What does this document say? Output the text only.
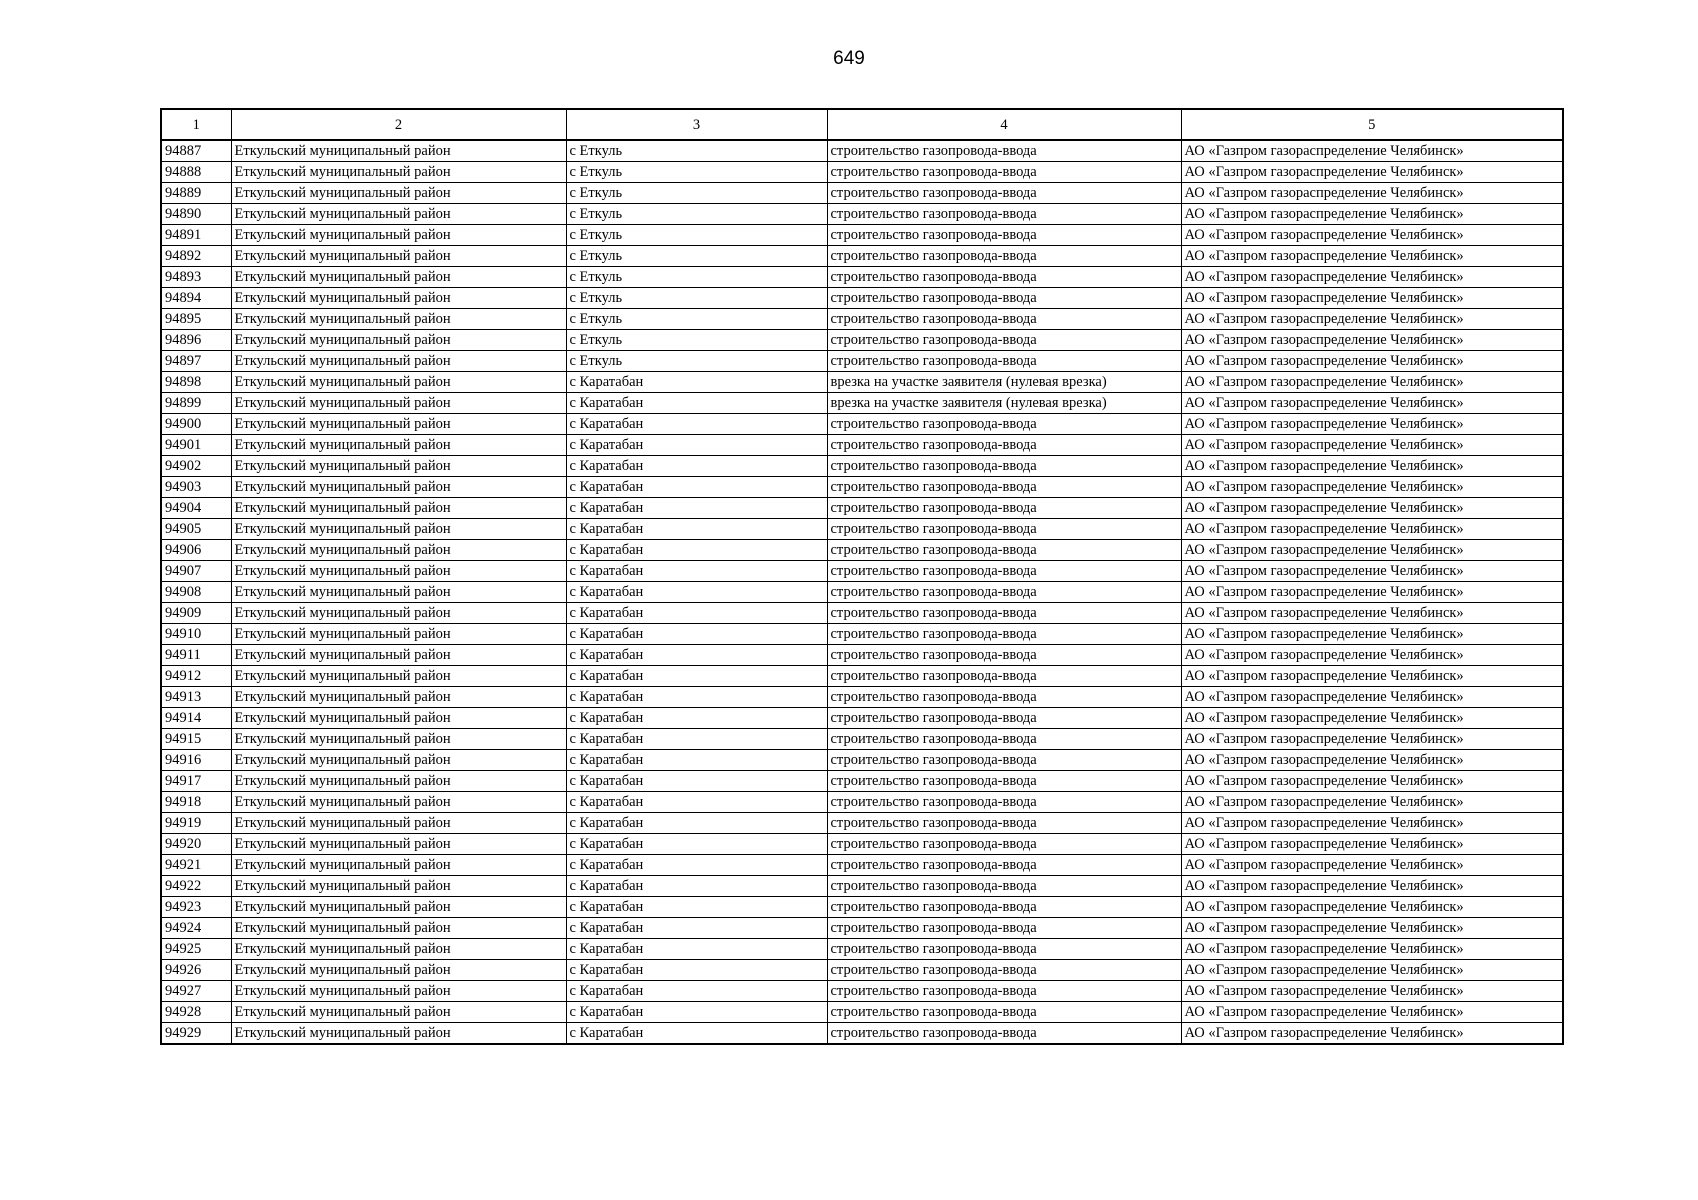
649
1	2	3	4	5
94887	Еткульский муниципальный район	с Еткуль	строительство газопровода-ввода	АО «Газпром газораспределение Челябинск»
94888	Еткульский муниципальный район	с Еткуль	строительство газопровода-ввода	АО «Газпром газораспределение Челябинск»
94889	Еткульский муниципальный район	с Еткуль	строительство газопровода-ввода	АО «Газпром газораспределение Челябинск»
94890	Еткульский муниципальный район	с Еткуль	строительство газопровода-ввода	АО «Газпром газораспределение Челябинск»
94891	Еткульский муниципальный район	с Еткуль	строительство газопровода-ввода	АО «Газпром газораспределение Челябинск»
94892	Еткульский муниципальный район	с Еткуль	строительство газопровода-ввода	АО «Газпром газораспределение Челябинск»
94893	Еткульский муниципальный район	с Еткуль	строительство газопровода-ввода	АО «Газпром газораспределение Челябинск»
94894	Еткульский муниципальный район	с Еткуль	строительство газопровода-ввода	АО «Газпром газораспределение Челябинск»
94895	Еткульский муниципальный район	с Еткуль	строительство газопровода-ввода	АО «Газпром газораспределение Челябинск»
94896	Еткульский муниципальный район	с Еткуль	строительство газопровода-ввода	АО «Газпром газораспределение Челябинск»
94897	Еткульский муниципальный район	с Еткуль	строительство газопровода-ввода	АО «Газпром газораспределение Челябинск»
94898	Еткульский муниципальный район	с Каратабан	врезка на участке заявителя (нулевая врезка)	АО «Газпром газораспределение Челябинск»
94899	Еткульский муниципальный район	с Каратабан	врезка на участке заявителя (нулевая врезка)	АО «Газпром газораспределение Челябинск»
94900	Еткульский муниципальный район	с Каратабан	строительство газопровода-ввода	АО «Газпром газораспределение Челябинск»
94901	Еткульский муниципальный район	с Каратабан	строительство газопровода-ввода	АО «Газпром газораспределение Челябинск»
94902	Еткульский муниципальный район	с Каратабан	строительство газопровода-ввода	АО «Газпром газораспределение Челябинск»
94903	Еткульский муниципальный район	с Каратабан	строительство газопровода-ввода	АО «Газпром газораспределение Челябинск»
94904	Еткульский муниципальный район	с Каратабан	строительство газопровода-ввода	АО «Газпром газораспределение Челябинск»
94905	Еткульский муниципальный район	с Каратабан	строительство газопровода-ввода	АО «Газпром газораспределение Челябинск»
94906	Еткульский муниципальный район	с Каратабан	строительство газопровода-ввода	АО «Газпром газораспределение Челябинск»
94907	Еткульский муниципальный район	с Каратабан	строительство газопровода-ввода	АО «Газпром газораспределение Челябинск»
94908	Еткульский муниципальный район	с Каратабан	строительство газопровода-ввода	АО «Газпром газораспределение Челябинск»
94909	Еткульский муниципальный район	с Каратабан	строительство газопровода-ввода	АО «Газпром газораспределение Челябинск»
94910	Еткульский муниципальный район	с Каратабан	строительство газопровода-ввода	АО «Газпром газораспределение Челябинск»
94911	Еткульский муниципальный район	с Каратабан	строительство газопровода-ввода	АО «Газпром газораспределение Челябинск»
94912	Еткульский муниципальный район	с Каратабан	строительство газопровода-ввода	АО «Газпром газораспределение Челябинск»
94913	Еткульский муниципальный район	с Каратабан	строительство газопровода-ввода	АО «Газпром газораспределение Челябинск»
94914	Еткульский муниципальный район	с Каратабан	строительство газопровода-ввода	АО «Газпром газораспределение Челябинск»
94915	Еткульский муниципальный район	с Каратабан	строительство газопровода-ввода	АО «Газпром газораспределение Челябинск»
94916	Еткульский муниципальный район	с Каратабан	строительство газопровода-ввода	АО «Газпром газораспределение Челябинск»
94917	Еткульский муниципальный район	с Каратабан	строительство газопровода-ввода	АО «Газпром газораспределение Челябинск»
94918	Еткульский муниципальный район	с Каратабан	строительство газопровода-ввода	АО «Газпром газораспределение Челябинск»
94919	Еткульский муниципальный район	с Каратабан	строительство газопровода-ввода	АО «Газпром газораспределение Челябинск»
94920	Еткульский муниципальный район	с Каратабан	строительство газопровода-ввода	АО «Газпром газораспределение Челябинск»
94921	Еткульский муниципальный район	с Каратабан	строительство газопровода-ввода	АО «Газпром газораспределение Челябинск»
94922	Еткульский муниципальный район	с Каратабан	строительство газопровода-ввода	АО «Газпром газораспределение Челябинск»
94923	Еткульский муниципальный район	с Каратабан	строительство газопровода-ввода	АО «Газпром газораспределение Челябинск»
94924	Еткульский муниципальный район	с Каратабан	строительство газопровода-ввода	АО «Газпром газораспределение Челябинск»
94925	Еткульский муниципальный район	с Каратабан	строительство газопровода-ввода	АО «Газпром газораспределение Челябинск»
94926	Еткульский муниципальный район	с Каратабан	строительство газопровода-ввода	АО «Газпром газораспределение Челябинск»
94927	Еткульский муниципальный район	с Каратабан	строительство газопровода-ввода	АО «Газпром газораспределение Челябинск»
94928	Еткульский муниципальный район	с Каратабан	строительство газопровода-ввода	АО «Газпром газораспределение Челябинск»
94929	Еткульский муниципальный район	с Каратабан	строительство газопровода-ввода	АО «Газпром газораспределение Челябинск»
